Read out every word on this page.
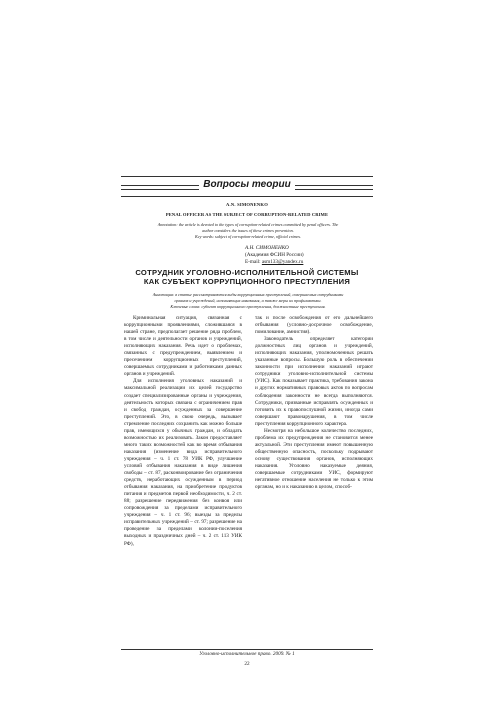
Вопросы теории
A.N. SIMONENKO
PENAL OFFICER AS THE SUBJECT OF CORRUPTION-RELATED CRIME
Annotation: the article is devoted to the types of corruption-related crimes committed by penal officers. The
author considers the issues of these crimes prevention.
Key words: subject of corruption-related crime, official crimes.
А.Н. СИМОНЕНКО
(Академия ФСИН России)
E-mail: asm133@yandex.ru
СОТРУДНИК УГОЛОВНО-ИСПОЛНИТЕЛЬНОЙ СИСТЕМЫ
КАК СУБЪЕКТ КОРРУПЦИОННОГО ПРЕСТУПЛЕНИЯ
Аннотация: в статье рассматриваются виды коррупционных преступлений, совершаемых сотрудниками
органов и учреждений, исполняющих наказания, а также меры их профилактики.
Ключевые слова: субъект коррупционного преступления, должностные преступления.

Криминальная ситуация, связанная с коррупционными проявлениями, сложившаяся в нашей стране, предполагает решение ряда проблем, в том числе и деятельности органов и учреждений, исполняющих наказания. Речь идет о проблемах, связанных с предупреждением, выявлением и пресечением коррупционных преступлений, совершаемых сотрудниками и работниками данных органов и учреждений.

Для исполнения уголовных наказаний и максимальной реализации их целей государство создает специализированные органы и учреждения, деятельность которых связана с ограничением прав и свобод граждан, осужденных за совершение преступлений. Это, в свою очередь, вызывает стремление последних сохранить как можно больше прав, имеющихся у обычных граждан, и обладать возможностью их реализовать. Закон предоставляет много таких возможностей как во время отбывания наказания (изменение вида исправительного учреждения – ч. 1 ст. 78 УИК РФ, улучшение условий отбывания наказания в виде лишения свободы – ст. 87, расконвоирование без ограничения средств, неработающих осужденным в период отбывания наказания, на приобретение продуктов питания и предметов первой необходимости, ч. 2 ст. 88; разрешение передвижения без конвоя или сопровождения за пределами исправительного учреждения – ч. 1 ст. 96; выезды за пределы исправительных учреждений – ст. 97; разрешение на проведение за пределами колонии-поселения выходных и праздничных дней – ч. 2 ст. 113 УИК РФ),

так и после освобождения от его дальнейшего отбывания (условно-досрочное освобождение, помилование, амнистия).

Законодатель определяет категории должностных лиц органов и учреждений, исполняющих наказания, уполномоченных решать указанные вопросы. Большую роль в обеспечении законности при исполнении наказаний играют сотрудники уголовно-исполнительной системы (УИС). Как показывает практика, требования закона и других нормативных правовых актов по вопросам соблюдения законности не всегда выполняются. Сотрудники, призванные исправлять осужденных и готовить их к правопослушной жизни, иногда сами совершают правонарушения, в том числе преступления коррупционного характера.

Несмотря на небольшое количество последних, проблема их предупреждения не становится менее актуальной. Эти преступления имеют повышенную общественную опасность, поскольку подрывают основу существования органов, исполняющих наказания. Уголовно наказуемые деяния, совершаемые сотрудниками УИС, формируют негативное отношение населения не только к этим органам, но и к наказанию в целом, способ-

Уголовно-исполнительное право. 2009. № 1
22
